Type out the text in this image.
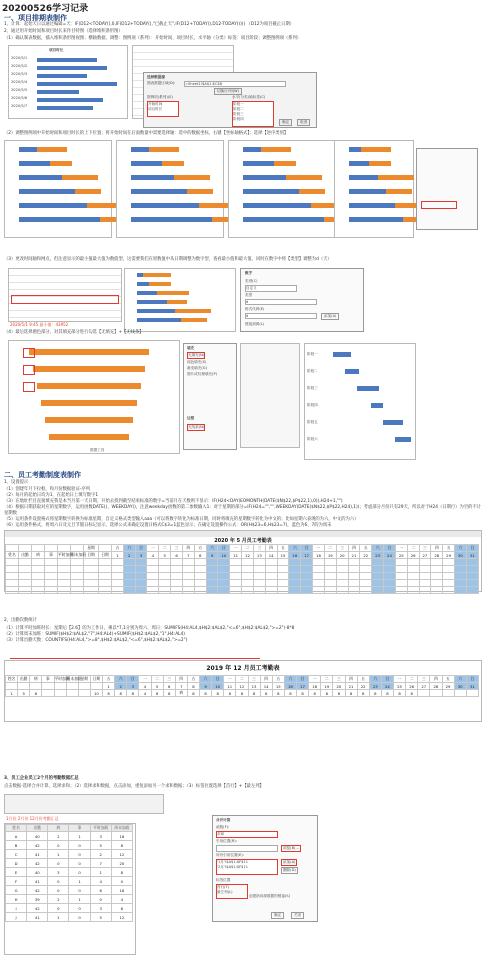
20200526学习记录
一、项目排期表制作
1、计算：起始天日以通过编辑=天：IF(D12<TODAY(),0,IF(D12+TODAY(),"已截止天",IF(D12+TODAY(),D12-TODAY()))) （D12为项目截止日期）
2、通过用开始时间和项目时长来作甘特图（选择堆积条形图）
（1）确认制表数据，插入堆积条形图视图；横轴数据，调整：图例项（系列）：开始时间、项目时长，水平轴（分类）标签：项目阶段；调整图例项（系列）
项目时长
2020/5/1
2020/5/2
2020/5/3
2020/5/4
2020/5/5
2020/5/6
2020/5/7
选择数据源
图表数据区域(D):	=Sheet1!$A$1:$C$8
切换行/列(W)
图例项(系列)(S)	水平(分类)轴标签(C)
开始时间
项目时长
阶段一
阶段二
阶段三
阶段四
确定	取消
（2）调整图例项中开始时间和项目时长的上下位置；将开始时间在后面数量中需要选择轴：选中的数据坐标，右键【坐标轴格式】；选择【逆序类别】
（3）更改时间轴和网点，但注意显示的最小值最大值为数值型，这需要我们在原数值中从日期调整为数字型，查看最小值和最大值，同时在数字中将【类型】调整为d（天）
2020/5/1 9:45 最小值：43952
数字
类别(C)
自定义
类型
d
格式代码(E)
d	添加(A)
链接到源(L)
（4）最后选择菌色部分，对其填充部分进行勾选【无填充】+【无线条】
填充
无填充(N)
纯色填充(S)
渐变填充(G)
图片或纹理填充(P)
边框
无线条(N)
阶段一
阶段二
阶段三
阶段四
阶段五
阶段六
数据工具
二、员工考勤制度表制作
1、设置提示
（1）创建年月下拉框，和月份数据验证-序列
（2）每月的起始日均为1，在起始日上填写数字1
（3）在地址栏目直接填充我是本当月第一天日期，开始去找到截至结束标准的数字=当前月在天数则不显示：IF(H24<DAY(EOMONTH(DATE($N$22,$P$22,1),0)),H24+1,"")
（4）根据日期获取对应的星期数字，运用函数DATE()、WEEKDAY()，注意weekday函数的第二参数输入1：对于星期的部分=IF(H24="","",WEEKDAY(DATE($N$22,$P$22,H24),1))；考虑部分月份只有29天，所以对于H24（日期行）为空的不计星期数
（5）运用条件设置格式将星期数字转换为标准星期，自定义格式类型输入aaa（可以将数字转化为标准日期，同时将填充的星期数字转化为中文的；比如星期六表现的为六，中文的为六）
（6）运用条件格式，将周六日及元旦节假日标记显示，选择公式来确定设置日格式C$3=1蓝色显示；在确定设置操作公式：OR(H$23=6,H$23=7)，蓝色为6、7的为周末
2020 年 5 月员工考勤表
						星期		五	六	日	一	二	三	四	五	六	日	一	二	三	四	五	六	日	一	二	三	四	五	六	日	一	二	三	四	五	六	日
姓名	出勤	病	事	平时加班	周末加班	日期	日期	1	2	3	4	5	6	7	8	9	10	11	12	13	14	15	16	17	18	19	20	21	22	23	24	25	26	27	28	29	30	31

2、出勤次数统计
（1）计算平时加班时长：星期后【2.6】的为工作日，乘以*7,1分别为周六、周日：SUMIFS(H4:AL4,$H$2:$AL$2,"<=6",$H$2:$AL$2,">=2")-8*8
（2）计算周末加班：SUMIF($H$2:$AL$2,"7",H4:AL4)+SUMIF($H$2:$AL$2,"1",H4:AL4)
（3）计算出勤天数：COUNTIFS(H4:AL4,">=8",$H$2:$AL$2,"<=6",$H$2:$AL$2,">=2")
2019 年 12 月员工考勤表
姓名	出勤	病	事	平时加班	周末加班	星期	日期	五	六	日	一	二	三	四	五	六	日	一	二	三	四	五	六	日	一	二	三	四	五	六	日	一	二	三	四	五	六	日
								1	2	3	4	5	6	7	8	9	10	11	12	13	14	15	16	17	18	19	20	21	22	23	24	25	26	27	28	29	30	31
1	5	8					10	8	8	8	4	8	8	病	8	8	8	8	8	8	8	8	8	8	8	8	8	8	8	8	8	8	8					
3、员工企业员工2个月的考勤数据汇总
点击数据-选择合并计算，选择求和；（2）选择求和数据，点击添加，重复添加另一个求和数据；（3）标签位置选择【首行】+【最左列】
1月份 2月份 12月份考勤汇总
姓名	出勤	病	事	平时加班	周末加班
A	40	2	1	3	16
B	42	0	0	5	8
C	41	1	0	2	12
D	42	0	0	7	20
E	40	3	0	1	8
F	41	0	1	4	0
G	42	0	0	6	16
H	39	2	1	0	4
I	42	0	0	3	8
J	41	1	0	5	12
合并计算
函数(F):
求和
引用位置(R):
浏览(B)...
所有引用位置(E):
'1月'!$A$1:$F$11
'2月'!$A$1:$F$11
添加(A)
删除(D)
标签位置
首行(T)
最左列(L)
创建指向源数据的链接(S)
确定	关闭
